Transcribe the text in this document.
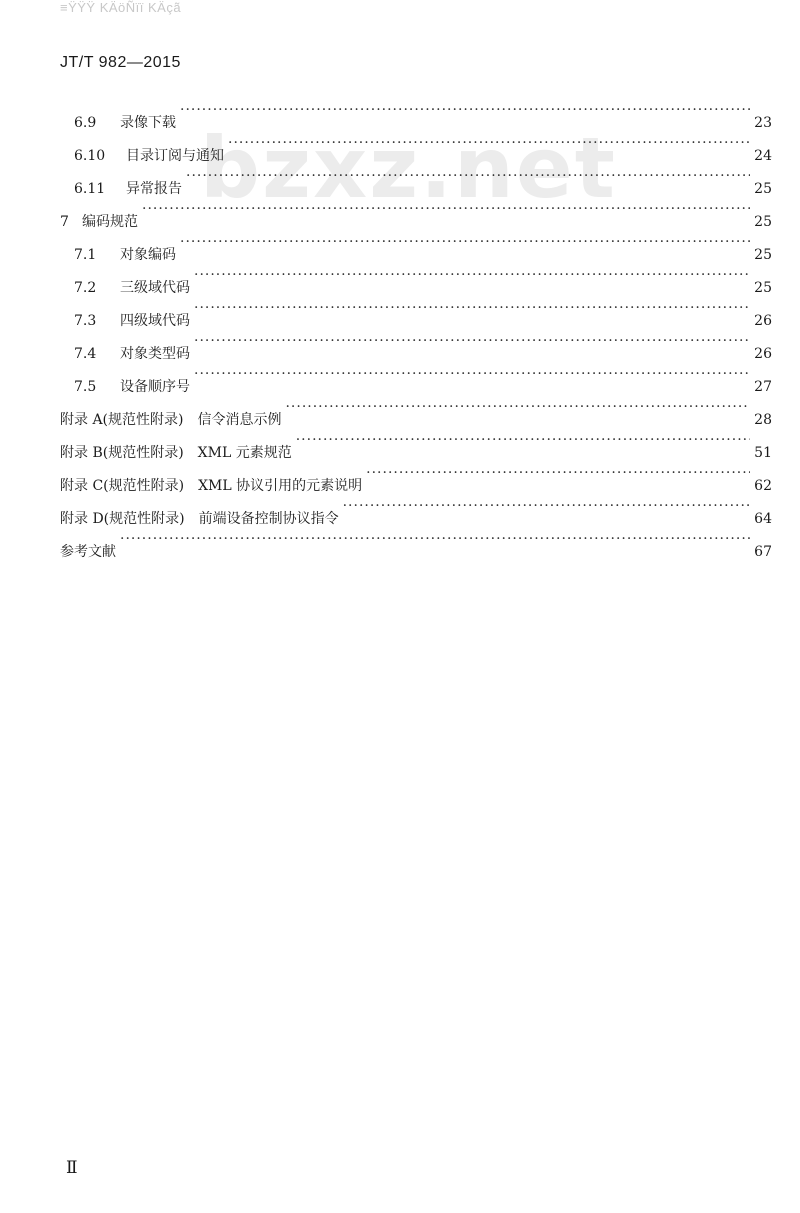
≡ŸŸŸ KÄöÑïï KÄçã
JT/T 982—2015
bzxz.net
6.9	录像下载 ·····	23
6.10	目录订阅与通知 ·····	24
6.11	异常报告 ·····	25
7 编码规范 ·····	25
7.1	对象编码 ·····	25
7.2	三级域代码 ·····	25
7.3	四级域代码 ·····	26
7.4	对象类型码 ·····	26
7.5	设备顺序号 ·····	27
附录 A(规范性附录) 信令消息示例 ·····	28
附录 B(规范性附录) XML 元素规范 ·····	51
附录 C(规范性附录) XML 协议引用的元素说明 ·····	62
附录 D(规范性附录) 前端设备控制协议指令 ·····	64
参考文献 ·····	67
Ⅱ
